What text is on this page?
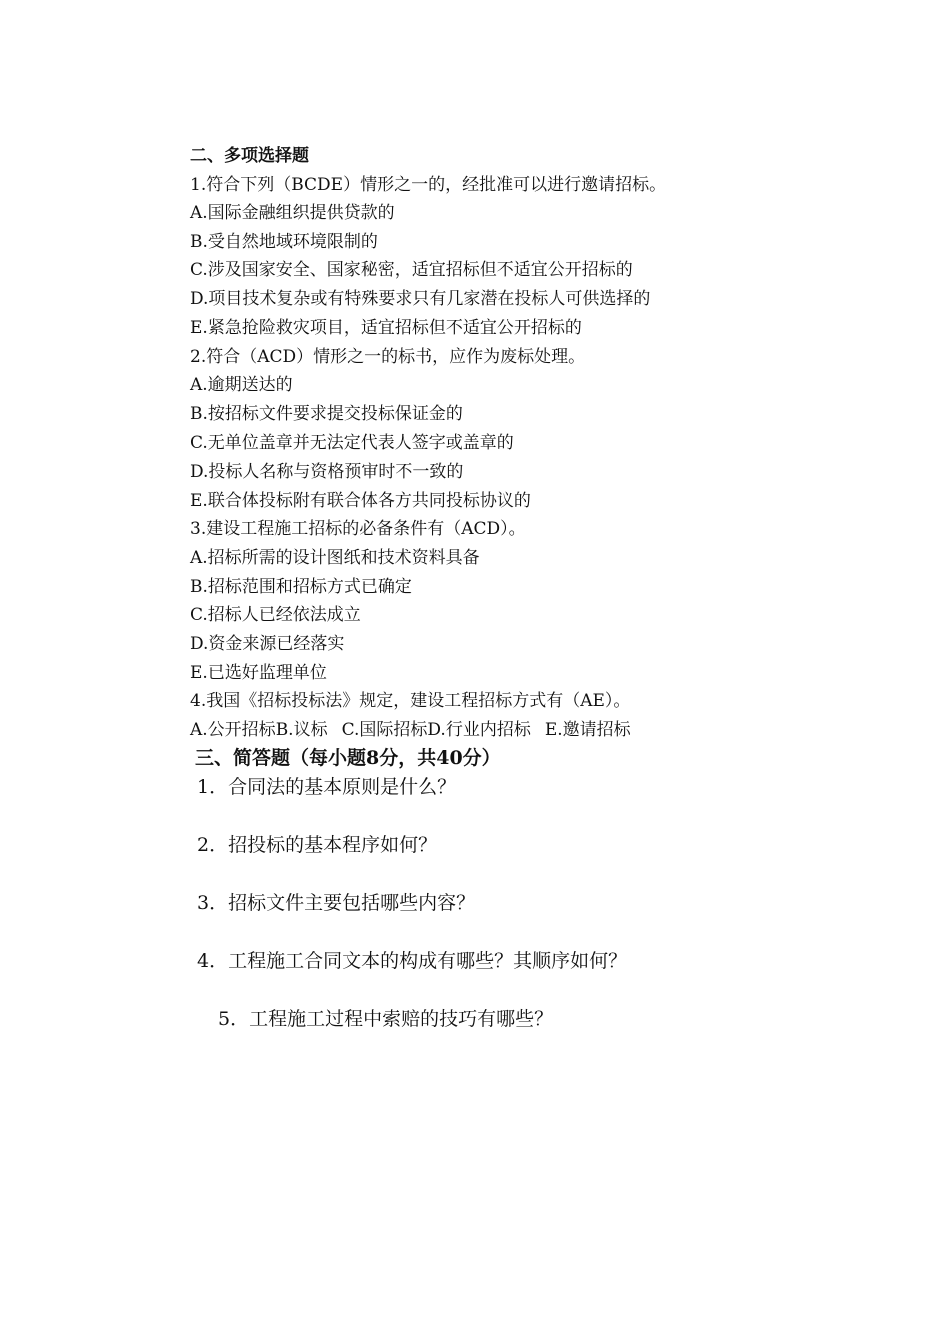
二、多项选择题
1.符合下列（BCDE）情形之一的，经批准可以进行邀请招标。
A.国际金融组织提供贷款的
B.受自然地域环境限制的
C.涉及国家安全、国家秘密，适宜招标但不适宜公开招标的
D.项目技术复杂或有特殊要求只有几家潜在投标人可供选择的
E.紧急抢险救灾项目，适宜招标但不适宜公开招标的
2.符合（ACD）情形之一的标书，应作为废标处理。
A.逾期送达的
B.按招标文件要求提交投标保证金的
C.无单位盖章并无法定代表人签字或盖章的
D.投标人名称与资格预审时不一致的
E.联合体投标附有联合体各方共同投标协议的
3.建设工程施工招标的必备条件有（ACD）。
A.招标所需的设计图纸和技术资料具备
B.招标范围和招标方式已确定
C.招标人已经依法成立
D.资金来源已经落实
E.已选好监理单位
4.我国《招标投标法》规定，建设工程招标方式有（AE）。
A.公开招标B.议标 C.国际招标D.行业内招标 E.邀请招标
三、简答题（每小题8分，共40分）
1．合同法的基本原则是什么？
2．招投标的基本程序如何？
3．招标文件主要包括哪些内容？
4．工程施工合同文本的构成有哪些？其顺序如何？
5．工程施工过程中索赔的技巧有哪些？
